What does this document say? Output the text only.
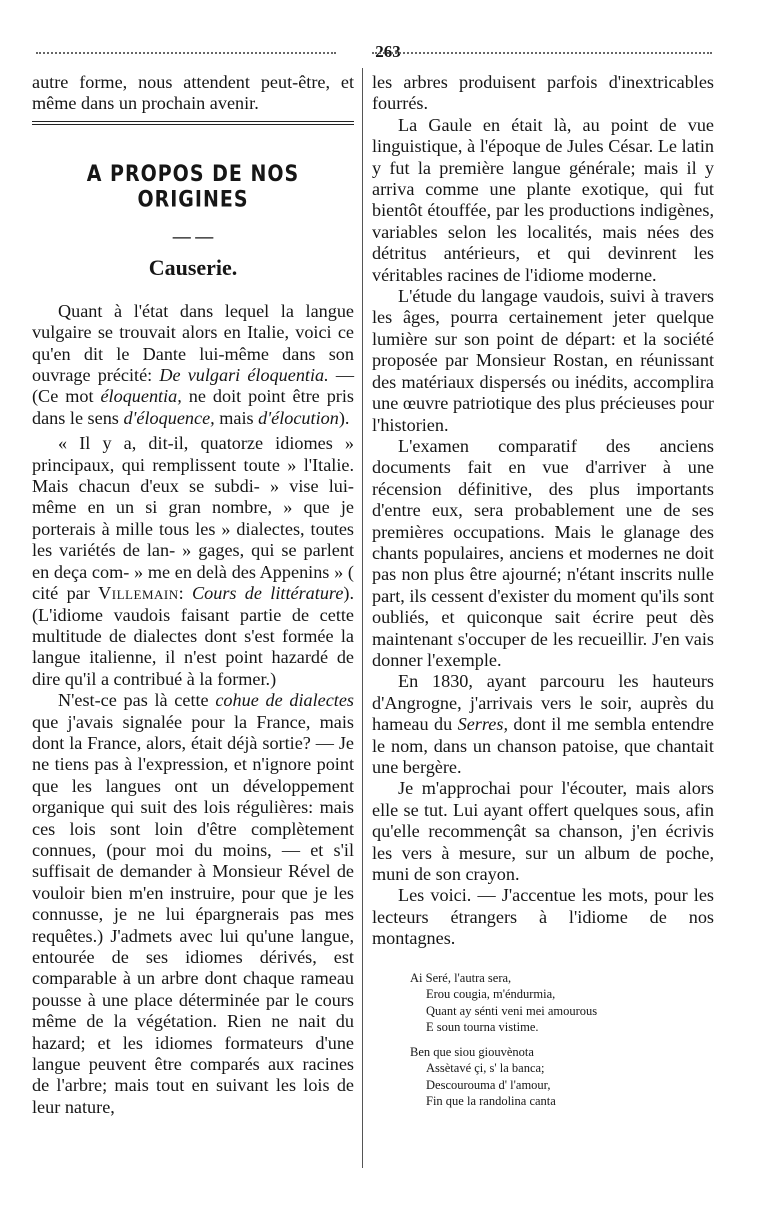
263

autre forme, nous attendent peut-être, et même dans un prochain avenir.

A PROPOS DE NOS ORIGINES
— —
Causerie.

Quant à l'état dans lequel la langue vulgaire se trouvait alors en Italie, voici ce qu'en dit le Dante lui-même dans son ouvrage précité: De vulgari éloquentia. — (Ce mot éloquentia, ne doit point être pris dans le sens d'éloquence, mais d'élocution).

« Il y a, dit-il, quatorze idiomes » principaux, qui remplissent toute » l'Italie. Mais chacun d'eux se subdi- » vise lui-même en un si gran nombre, » que je porterais à mille tous les » dialectes, toutes les variétés de lan- » gages, qui se parlent en deça com- » me en delà des Appenins » ( cité par Villemain: Cours de littérature). (L'idiome vaudois faisant partie de cette multitude de dialectes dont s'est formée la langue italienne, il n'est point hazardé de dire qu'il a contribué à la former.)

N'est-ce pas là cette cohue de dialectes que j'avais signalée pour la France, mais dont la France, alors, était déjà sortie? — Je ne tiens pas à l'expression, et n'ignore point que les langues ont un développement organique qui suit des lois régulières: mais ces lois sont loin d'être complètement connues, (pour moi du moins, — et s'il suffisait de demander à Monsieur Rével de vouloir bien m'en instruire, pour que je les connusse, je ne lui épargnerais pas mes requêtes.) J'admets avec lui qu'une langue, entourée de ses idiomes dérivés, est comparable à un arbre dont chaque rameau pousse à une place déterminée par le cours même de la végétation. Rien ne nait du hazard; et les idiomes formateurs d'une langue peuvent être comparés aux racines de l'arbre; mais tout en suivant les lois de leur nature,

les arbres produisent parfois d'inextricables fourrés.

La Gaule en était là, au point de vue linguistique, à l'époque de Jules César. Le latin y fut la première langue générale; mais il y arriva comme une plante exotique, qui fut bientôt étouffée, par les productions indigènes, variables selon les localités, mais nées des détritus antérieurs, et qui devinrent les véritables racines de l'idiome moderne.

L'étude du langage vaudois, suivi à travers les âges, pourra certainement jeter quelque lumière sur son point de départ: et la société proposée par Monsieur Rostan, en réunissant des matériaux dispersés ou inédits, accomplira une œuvre patriotique des plus précieuses pour l'historien.

L'examen comparatif des anciens documents fait en vue d'arriver à une récension définitive, des plus importants d'entre eux, sera probablement une de ses premières occupations. Mais le glanage des chants populaires, anciens et modernes ne doit pas non plus être ajourné; n'étant inscrits nulle part, ils cessent d'exister du moment qu'ils sont oubliés, et quiconque sait écrire peut dès maintenant s'occuper de les recueillir. J'en vais donner l'exemple.

En 1830, ayant parcouru les hauteurs d'Angrogne, j'arrivais vers le soir, auprès du hameau du Serres, dont il me sembla entendre le nom, dans un chanson patoise, que chantait une bergère.

Je m'approchai pour l'écouter, mais alors elle se tut. Lui ayant offert quelques sous, afin qu'elle recommençât sa chanson, j'en écrivis les vers à mesure, sur un album de poche, muni de son crayon.

Les voici. — J'accentue les mots, pour les lecteurs étrangers à l'idiome de nos montagnes.

Ai Seré, l'autra sera,
Erou cougia, m'éndurmia,
Quant ay sénti veni mei amourous
E soun tourna vistime.
Ben que siou giouvènota
Assètavé çi, s' la banca;
Descourouma d' l'amour,
Fin que la randolina canta
